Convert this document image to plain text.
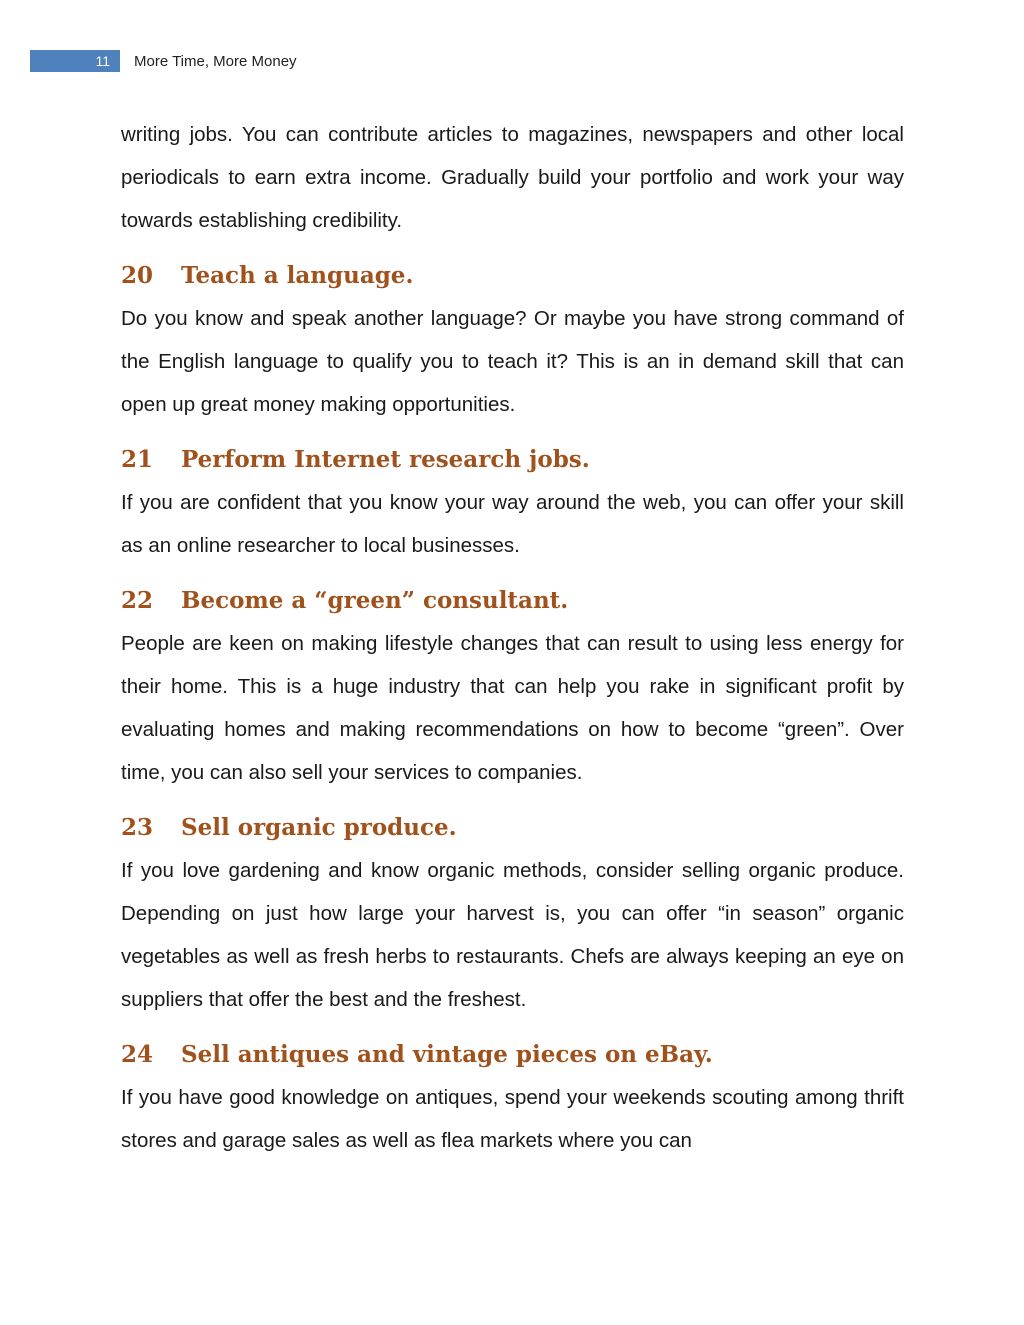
11 More Time, More Money

writing jobs. You can contribute articles to magazines, newspapers and other local periodicals to earn extra income. Gradually build your portfolio and work your way towards establishing credibility.

20	Teach a language.

Do you know and speak another language? Or maybe you have strong command of the English language to qualify you to teach it? This is an in demand skill that can open up great money making opportunities.

21	Perform Internet research jobs.

If you are confident that you know your way around the web, you can offer your skill as an online researcher to local businesses.

22	Become a “green” consultant.

People are keen on making lifestyle changes that can result to using less energy for their home. This is a huge industry that can help you rake in significant profit by evaluating homes and making recommendations on how to become “green”. Over time, you can also sell your services to companies.

23	Sell organic produce.

If you love gardening and know organic methods, consider selling organic produce. Depending on just how large your harvest is, you can offer “in season” organic vegetables as well as fresh herbs to restaurants. Chefs are always keeping an eye on suppliers that offer the best and the freshest.

24	Sell antiques and vintage pieces on eBay.

If you have good knowledge on antiques, spend your weekends scouting among thrift stores and garage sales as well as flea markets where you can
